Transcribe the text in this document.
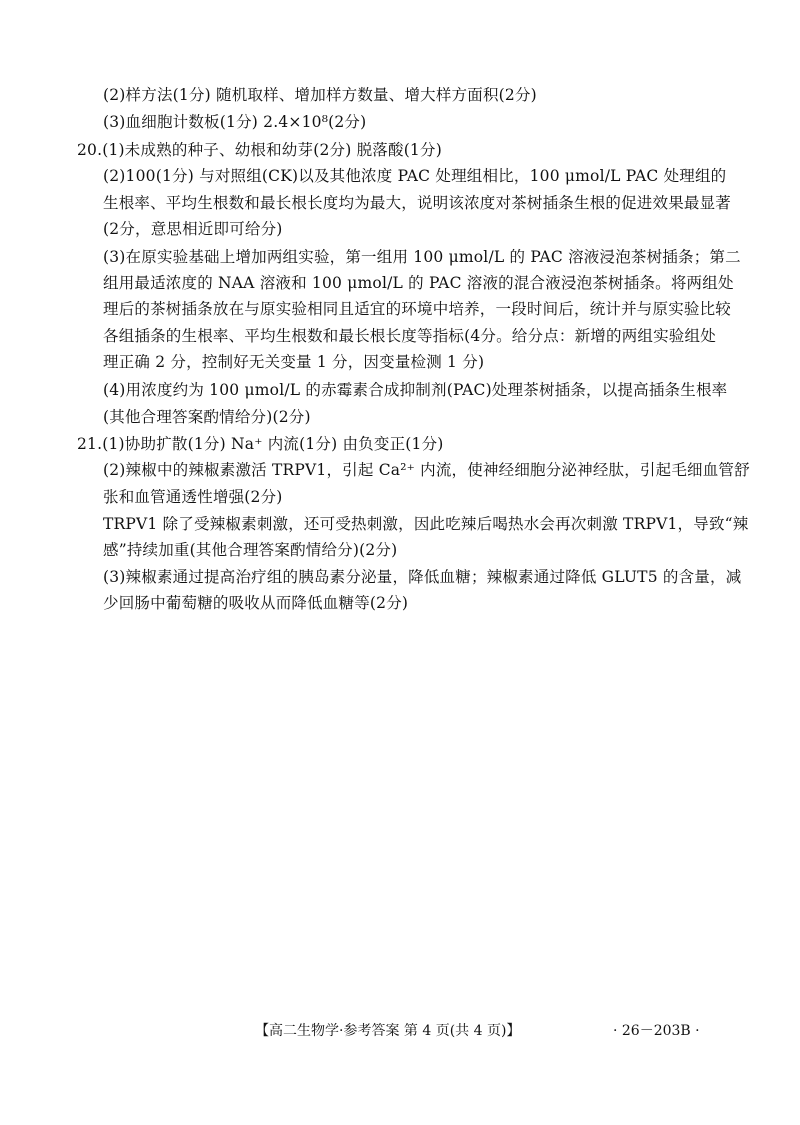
(2)样方法(1分) 随机取样、增加样方数量、增大样方面积(2分)
(3)血细胞计数板(1分) 2.4×10⁸(2分)
20.(1)未成熟的种子、幼根和幼芽(2分) 脱落酸(1分)
(2)100(1分) 与对照组(CK)以及其他浓度 PAC 处理组相比，100 μmol/L PAC 处理组的
生根率、平均生根数和最长根长度均为最大，说明该浓度对茶树插条生根的促进效果最显著
(2分，意思相近即可给分)
(3)在原实验基础上增加两组实验，第一组用 100 μmol/L 的 PAC 溶液浸泡茶树插条；第二
组用最适浓度的 NAA 溶液和 100 μmol/L 的 PAC 溶液的混合液浸泡茶树插条。将两组处
理后的茶树插条放在与原实验相同且适宜的环境中培养，一段时间后，统计并与原实验比较
各组插条的生根率、平均生根数和最长根长度等指标(4分。给分点：新增的两组实验组处
理正确 2 分，控制好无关变量 1 分，因变量检测 1 分)
(4)用浓度约为 100 μmol/L 的赤霉素合成抑制剂(PAC)处理茶树插条，以提高插条生根率
(其他合理答案酌情给分)(2分)
21.(1)协助扩散(1分) Na⁺ 内流(1分) 由负变正(1分)
(2)辣椒中的辣椒素激活 TRPV1，引起 Ca²⁺ 内流，使神经细胞分泌神经肽，引起毛细血管舒
张和血管通透性增强(2分)
TRPV1 除了受辣椒素刺激，还可受热刺激，因此吃辣后喝热水会再次刺激 TRPV1，导致“辣
感”持续加重(其他合理答案酌情给分)(2分)
(3)辣椒素通过提高治疗组的胰岛素分泌量，降低血糖；辣椒素通过降低 GLUT5 的含量，减
少回肠中葡萄糖的吸收从而降低血糖等(2分)
【高二生物学·参考答案 第 4 页(共 4 页)】	· 26－203B ·
